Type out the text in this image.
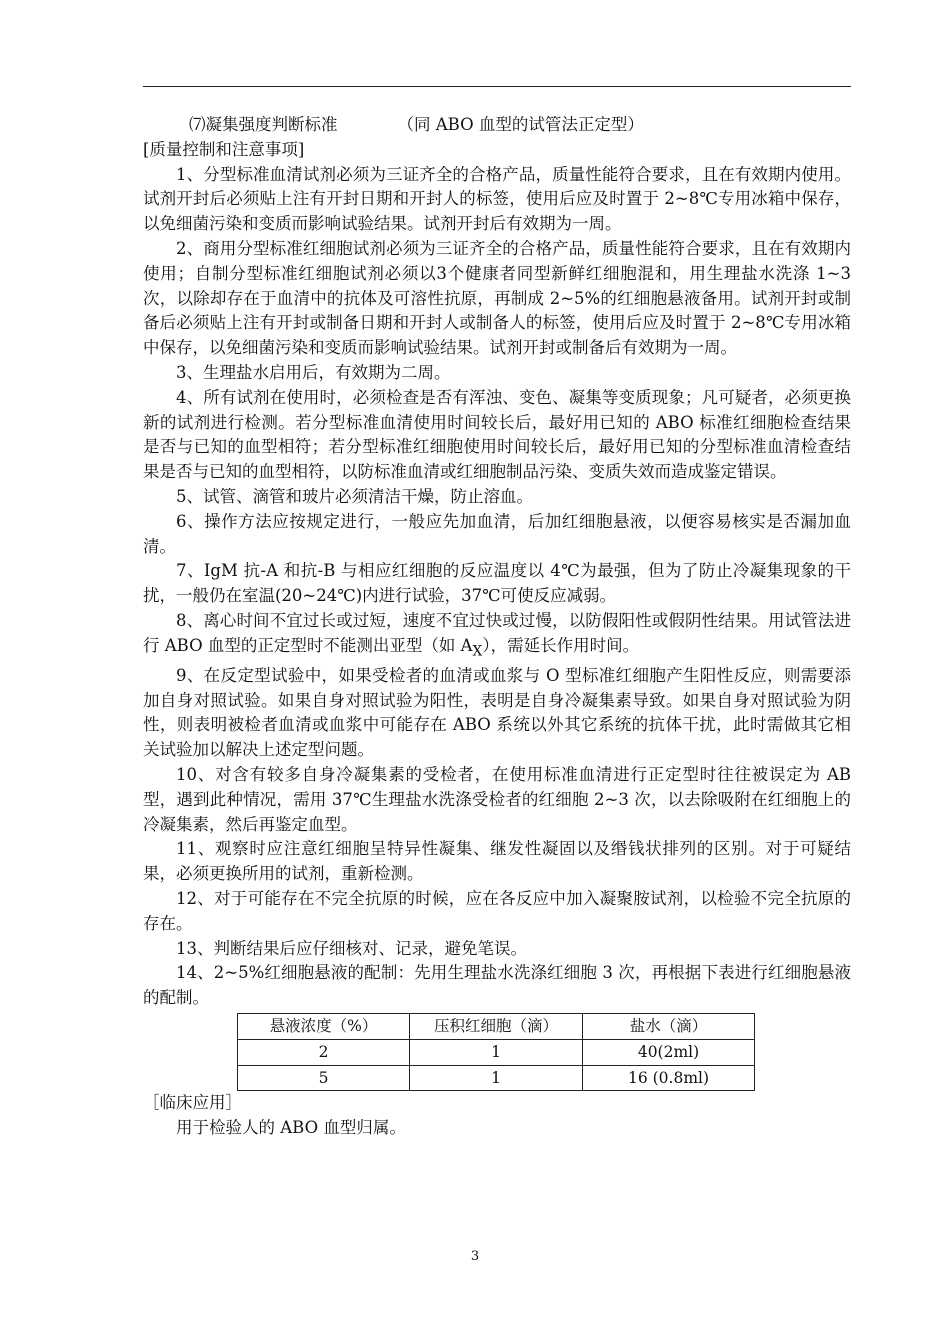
⑺凝集强度判断标准	（同 ABO 血型的试管法正定型）

[质量控制和注意事项]

1、分型标准血清试剂必须为三证齐全的合格产品，质量性能符合要求，且在有效期内使用。试剂开封后必须贴上注有开封日期和开封人的标签，使用后应及时置于 2~8℃专用冰箱中保存，以免细菌污染和变质而影响试验结果。试剂开封后有效期为一周。

2、商用分型标准红细胞试剂必须为三证齐全的合格产品，质量性能符合要求，且在有效期内使用；自制分型标准红细胞试剂必须以3个健康者同型新鲜红细胞混和，用生理盐水洗涤 1~3 次，以除却存在于血清中的抗体及可溶性抗原，再制成 2~5%的红细胞悬液备用。试剂开封或制备后必须贴上注有开封或制备日期和开封人或制备人的标签，使用后应及时置于 2~8℃专用冰箱中保存，以免细菌污染和变质而影响试验结果。试剂开封或制备后有效期为一周。

3、生理盐水启用后，有效期为二周。

4、所有试剂在使用时，必须检查是否有浑浊、变色、凝集等变质现象；凡可疑者，必须更换新的试剂进行检测。若分型标准血清使用时间较长后，最好用已知的 ABO 标准红细胞检查结果是否与已知的血型相符；若分型标准红细胞使用时间较长后，最好用已知的分型标准血清检查结果是否与已知的血型相符，以防标准血清或红细胞制品污染、变质失效而造成鉴定错误。

5、试管、滴管和玻片必须清洁干燥，防止溶血。

6、操作方法应按规定进行，一般应先加血清，后加红细胞悬液，以便容易核实是否漏加血清。

7、IgM 抗-A 和抗-B 与相应红细胞的反应温度以 4℃为最强，但为了防止冷凝集现象的干扰，一般仍在室温(20~24℃)内进行试验，37℃可使反应减弱。

8、离心时间不宜过长或过短，速度不宜过快或过慢，以防假阳性或假阴性结果。用试管法进行 ABO 血型的正定型时不能测出亚型（如 $A_X$），需延长作用时间。

9、在反定型试验中，如果受检者的血清或血浆与 O 型标准红细胞产生阳性反应，则需要添加自身对照试验。如果自身对照试验为阳性，表明是自身冷凝集素导致。如果自身对照试验为阴性，则表明被检者血清或血浆中可能存在 ABO 系统以外其它系统的抗体干扰，此时需做其它相关试验加以解决上述定型问题。

10、对含有较多自身冷凝集素的受检者，在使用标准血清进行正定型时往往被误定为 AB 型，遇到此种情况，需用 37℃生理盐水洗涤受检者的红细胞 2~3 次，以去除吸附在红细胞上的冷凝集素，然后再鉴定血型。

11、观察时应注意红细胞呈特异性凝集、继发性凝固以及缗钱状排列的区别。对于可疑结果，必须更换所用的试剂，重新检测。

12、对于可能存在不完全抗原的时候，应在各反应中加入凝聚胺试剂，以检验不完全抗原的存在。

13、判断结果后应仔细核对、记录，避免笔误。

14、2~5%红细胞悬液的配制：先用生理盐水洗涤红细胞 3 次，再根据下表进行红细胞悬液的配制。

悬液浓度（%）	压积红细胞（滴）	盐水（滴）
2	1	40(2ml)
5	1	16 (0.8ml)

［临床应用］

用于检验人的 ABO 血型归属。

3
